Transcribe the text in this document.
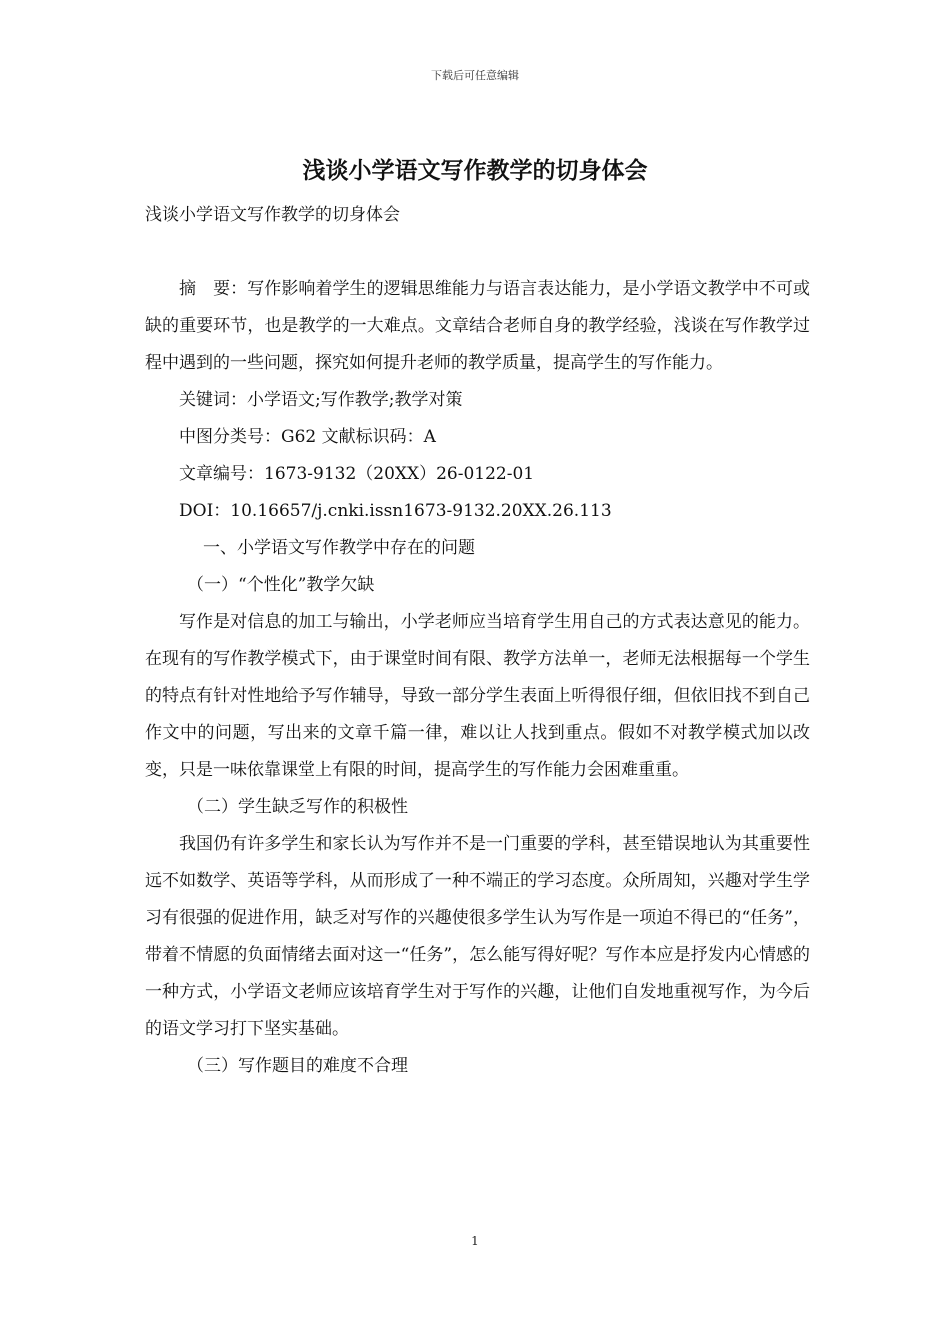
下载后可任意编辑
浅谈小学语文写作教学的切身体会

浅谈小学语文写作教学的切身体会

摘　要：写作影响着学生的逻辑思维能力与语言表达能力，是小学语文教学中不可或缺的重要环节，也是教学的一大难点。文章结合老师自身的教学经验，浅谈在写作教学过程中遇到的一些问题，探究如何提升老师的教学质量，提高学生的写作能力。

关键词：小学语文;写作教学;教学对策

中图分类号：G62 文献标识码：A

文章编号：1673-9132（20XX）26-0122-01

DOI：10.16657/j.cnki.issn1673-9132.20XX.26.113

一、小学语文写作教学中存在的问题

（一）“个性化”教学欠缺

写作是对信息的加工与输出，小学老师应当培育学生用自己的方式表达意见的能力。在现有的写作教学模式下，由于课堂时间有限、教学方法单一，老师无法根据每一个学生的特点有针对性地给予写作辅导，导致一部分学生表面上听得很仔细，但依旧找不到自己作文中的问题，写出来的文章千篇一律，难以让人找到重点。假如不对教学模式加以改变，只是一味依靠课堂上有限的时间，提高学生的写作能力会困难重重。

（二）学生缺乏写作的积极性

我国仍有许多学生和家长认为写作并不是一门重要的学科，甚至错误地认为其重要性远不如数学、英语等学科，从而形成了一种不端正的学习态度。众所周知，兴趣对学生学习有很强的促进作用，缺乏对写作的兴趣使很多学生认为写作是一项迫不得已的“任务”，带着不情愿的负面情绪去面对这一“任务”，怎么能写得好呢？写作本应是抒发内心情感的一种方式，小学语文老师应该培育学生对于写作的兴趣，让他们自发地重视写作，为今后的语文学习打下坚实基础。

（三）写作题目的难度不合理

1
